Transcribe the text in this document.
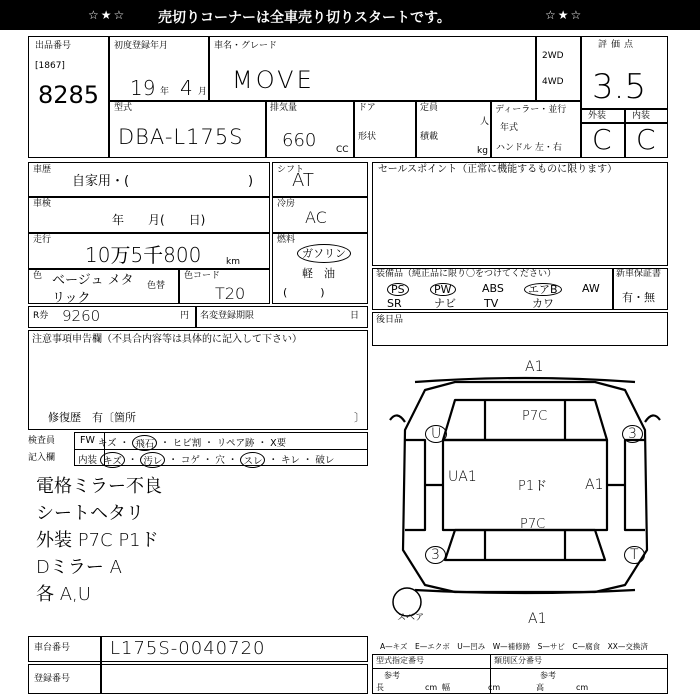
☆★☆ 売切りコーナーは全車売り切りスタートです。	☆★☆
出品番号
[1867]
8285
初度登録年月
19 年 4 月
車名・グレード
MOVE
2WD
4WD
評価点
3.5
外装	内装
C C
型式
DBA-L175S
排気量
660 CC
ドア
形状
定員
人
積載
kg
ディーラー・並行
年式
ハンドル 左・右
車歴
自家用・(	)
車検
年　　月(　　日)
走行
10万5千800	km
色 ベージュ メタリック
色替
色コード
T20
シフト
AT
冷房
AC
燃料
ガソリン
軽　油
(　　　)
セールスポイント（正常に機能するものに限ります）
装備品（純正品に限り〇をつけてください）	新車保証書
有・無
PS	PW	ABS	エアB	AW
SR	ナビ	TV	カワ
R券 9260	円 名変登録期限	日 後日品
注意事項申告欄（不具合内容等は具体的に記入して下さい）
修復歴　有〔箇所	〕
検査員
記入欄
FW キズ ・ 飛石 ・ ヒビ割 ・ リペア跡 ・ X要
内装 キズ ・ 汚レ ・ コゲ ・ 穴 ・ スレ ・ キレ ・ 破レ
電格ミラー不良
シートヘタリ
外装 P7C P1ド
Dミラー A
各 A,U
A1
P7C
U	3
UA1
P1ド	A1
P7C
3	T
A1
スペア
A—キズ　E—エクボ　U—凹み　W—補修跡　S—サビ　C—腐食　XX—交換済
車台番号 L175S-0040720
登録番号
型式指定番号	類別区分番号
参考	参考
長	cm 幅	cm	高	cm
